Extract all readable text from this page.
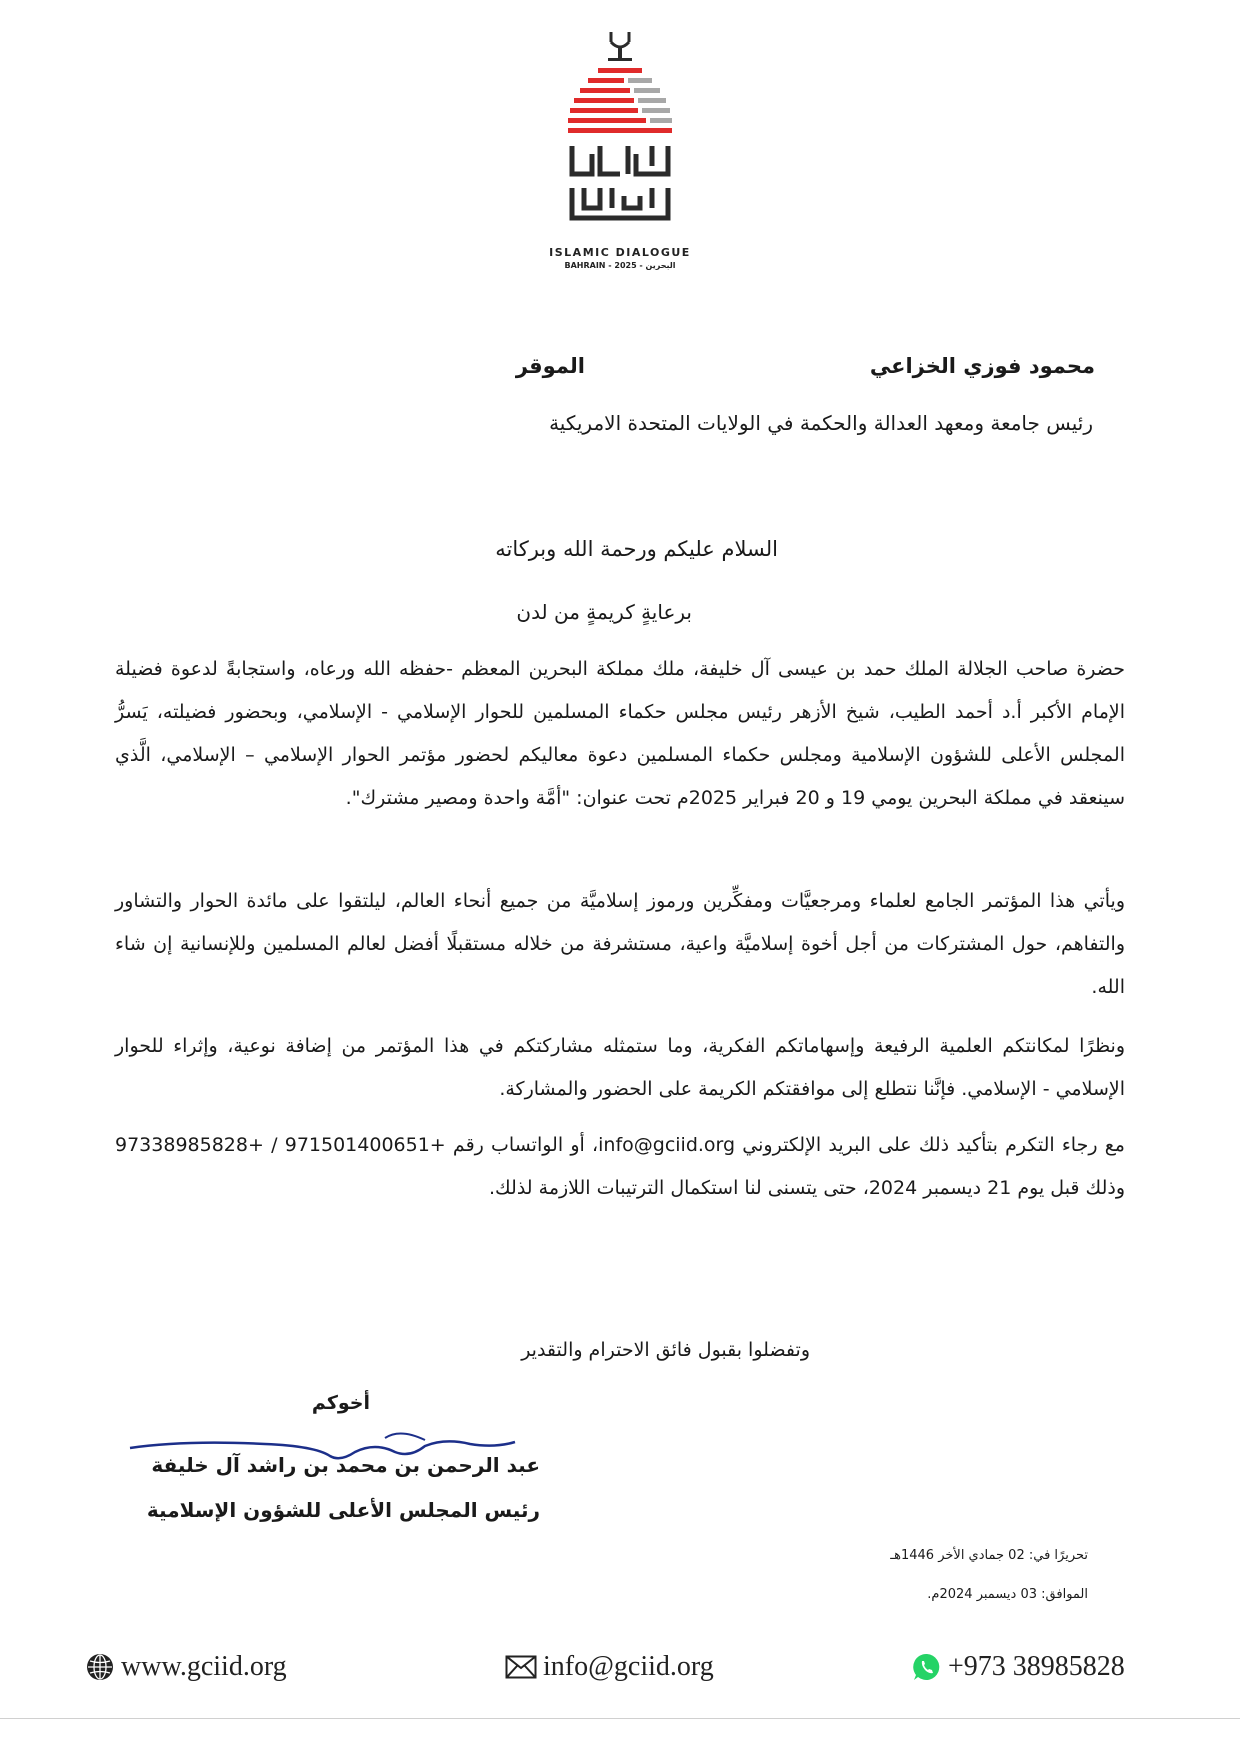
ISLAMIC DIALOGUE
BAHRAIN - 2025 - البحرين
محمود فوزي الخزاعي
الموقر
رئيس جامعة ومعهد العدالة والحكمة في الولايات المتحدة الامريكية
السلام عليكم ورحمة الله وبركاته
برعايةٍ كريمةٍ من لدن

حضرة صاحب الجلالة الملك حمد بن عيسى آل خليفة، ملك مملكة البحرين المعظم -حفظه الله ورعاه، واستجابةً لدعوة فضيلة الإمام الأكبر أ.د أحمد الطيب، شيخ الأزهر رئيس مجلس حكماء المسلمين للحوار الإسلامي - الإسلامي، وبحضور فضيلته، يَسرُّ المجلس الأعلى للشؤون الإسلامية ومجلس حكماء المسلمين دعوة معاليكم لحضور مؤتمر الحوار الإسلامي – الإسلامي، الَّذي سينعقد في مملكة البحرين يومي 19 و 20 فبراير 2025م تحت عنوان: "أمَّة واحدة ومصير مشترك".

ويأتي هذا المؤتمر الجامع لعلماء ومرجعيَّات ومفكِّرين ورموز إسلاميَّة من جميع أنحاء العالم، ليلتقوا على مائدة الحوار والتشاور والتفاهم، حول المشتركات من أجل أخوة إسلاميَّة واعية، مستشرفة من خلاله مستقبلًا أفضل لعالم المسلمين وللإنسانية إن شاء الله.

ونظرًا لمكانتكم العلمية الرفيعة وإسهاماتكم الفكرية، وما ستمثله مشاركتكم في هذا المؤتمر من إضافة نوعية، وإثراء للحوار الإسلامي - الإسلامي. فإنَّنا نتطلع إلى موافقتكم الكريمة على الحضور والمشاركة.

مع رجاء التكرم بتأكيد ذلك على البريد الإلكتروني info@gciid.org، أو الواتساب رقم +971501400651 / +97338985828 وذلك قبل يوم 21 ديسمبر 2024، حتى يتسنى لنا استكمال الترتيبات اللازمة لذلك.

وتفضلوا بقبول فائق الاحترام والتقدير
أخوكم
عبد الرحمن بن محمد بن راشد آل خليفة
رئيس المجلس الأعلى للشؤون الإسلامية
تحريرًا في: 02 جمادي الأخر 1446هـ
الموافق: 03 ديسمبر 2024م.
www.gciid.org	info@gciid.org	+973 38985828
